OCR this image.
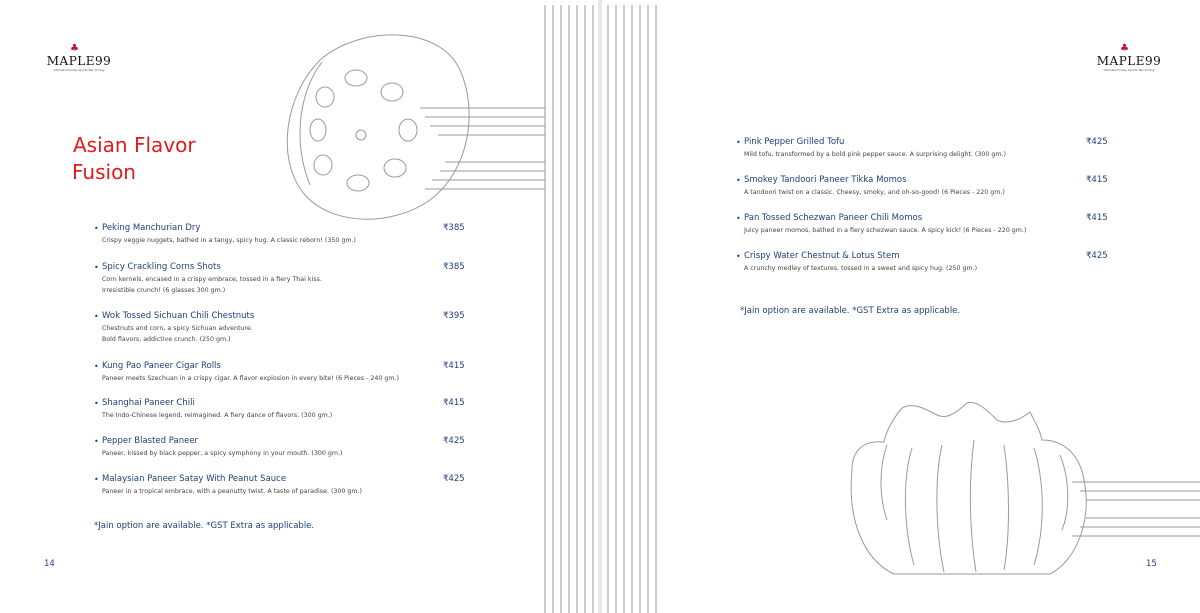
♣
MAPLE99
Ultimate Family Sports Bar Dining
Asian Flavor
Fusion
• Peking Manchurian Dry	₹385
Crispy veggie nuggets, bathed in a tangy, spicy hug. A classic reborn! (350 gm.)
• Spicy Crackling Corns Shots	₹385
Corn kernels, encased in a crispy embrace, tossed in a fiery Thai kiss.
Irresistible crunch! (6 glasses 300 gm.)
• Wok Tossed Sichuan Chili Chestnuts	₹395
Chestnuts and corn, a spicy Sichuan adventure.
Bold flavors, addictive crunch. (250 gm.)
• Kung Pao Paneer Cigar Rolls	₹415
Paneer meets Szechuan in a crispy cigar. A flavor explosion in every bite! (6 Pieces - 240 gm.)
• Shanghai Paneer Chili	₹415
The Indo-Chinese legend, reimagined. A fiery dance of flavors. (300 gm.)
• Pepper Blasted Paneer	₹425
Paneer, kissed by black pepper, a spicy symphony in your mouth. (300 gm.)
• Malaysian Paneer Satay With Peanut Sauce	₹425
Paneer in a tropical embrace, with a peanutty twist. A taste of paradise. (300 gm.)

*Jain option are available. *GST Extra as applicable.

14
♣
MAPLE99
Ultimate Family Sports Bar Dining
• Pink Pepper Grilled Tofu	₹425
Mild tofu, transformed by a bold pink pepper sauce. A surprising delight. (300 gm.)
• Smokey Tandoori Paneer Tikka Momos	₹415
A tandoori twist on a classic. Cheesy, smoky, and oh-so-good! (6 Pieces - 220 gm.)
• Pan Tossed Schezwan Paneer Chili Momos	₹415
Juicy paneer momos, bathed in a fiery schezwan sauce. A spicy kick! (6 Pieces - 220 gm.)
• Crispy Water Chestnut & Lotus Stem	₹425
A crunchy medley of textures, tossed in a sweet and spicy hug. (250 gm.)

*Jain option are available. *GST Extra as applicable.

15
